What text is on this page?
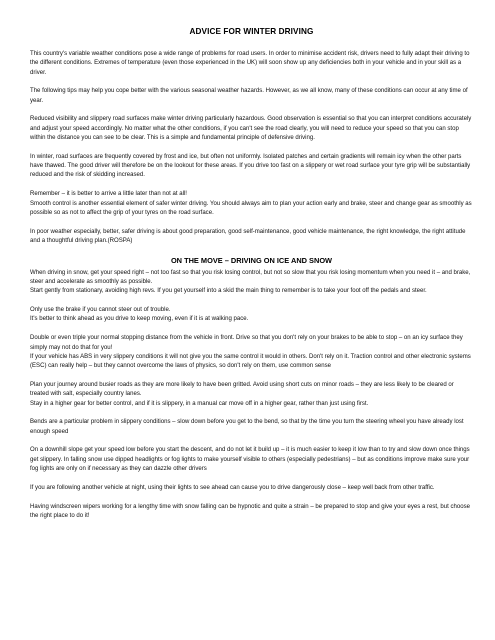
ADVICE FOR WINTER DRIVING

This country's variable weather conditions pose a wide range of problems for road users. In order to minimise accident risk, drivers need to fully adapt their driving to the different conditions. Extremes of temperature (even those experienced in the UK) will soon show up any deficiencies both in your vehicle and in your skill as a driver.

The following tips may help you cope better with the various seasonal weather hazards. However, as we all know, many of these conditions can occur at any time of year.

Reduced visibility and slippery road surfaces make winter driving particularly hazardous. Good observation is essential so that you can interpret conditions accurately and adjust your speed accordingly. No matter what the other conditions, if you can't see the road clearly, you will need to reduce your speed so that you can stop within the distance you can see to be clear. This is a simple and fundamental principle of defensive driving.

In winter, road surfaces are frequently covered by frost and ice, but often not uniformly. Isolated patches and certain gradients will remain icy when the other parts have thawed. The good driver will therefore be on the lookout for these areas. If you drive too fast on a slippery or wet road surface your tyre grip will be substantially reduced and the risk of skidding increased.

Remember – it is better to arrive a little later than not at all!

Smooth control is another essential element of safer winter driving. You should always aim to plan your action early and brake, steer and change gear as smoothly as possible so as not to affect the grip of your tyres on the road surface.

In poor weather especially, better, safer driving is about good preparation, good self-maintenance, good vehicle maintenance, the right knowledge, the right attitude and a thoughtful driving plan.(ROSPA)

ON THE MOVE – DRIVING ON ICE AND SNOW

When driving in snow, get your speed right – not too fast so that you risk losing control, but not so slow that you risk losing momentum when you need it – and brake, steer and accelerate as smoothly as possible.

Start gently from stationary, avoiding high revs. If you get yourself into a skid the main thing to remember is to take your foot off the pedals and steer.

Only use the brake if you cannot steer out of trouble.

It's better to think ahead as you drive to keep moving, even if it is at walking pace.

Double or even triple your normal stopping distance from the vehicle in front. Drive so that you don't rely on your brakes to be able to stop – on an icy surface they simply may not do that for you!

If your vehicle has ABS in very slippery conditions it will not give you the same control it would in others. Don't rely on it. Traction control and other electronic systems (ESC) can really help – but they cannot overcome the laws of physics, so don't rely on them, use common sense

Plan your journey around busier roads as they are more likely to have been gritted. Avoid using short cuts on minor roads – they are less likely to be cleared or treated with salt, especially country lanes.

Stay in a higher gear for better control, and if it is slippery, in a manual car move off in a higher gear, rather than just using first.

Bends are a particular problem in slippery conditions – slow down before you get to the bend, so that by the time you turn the steering wheel you have already lost enough speed

On a downhill slope get your speed low before you start the descent, and do not let it build up – it is much easier to keep it low than to try and slow down once things get slippery. In falling snow use dipped headlights or fog lights to make yourself visible to others (especially pedestrians) – but as conditions improve make sure your fog lights are only on if necessary as they can dazzle other drivers

If you are following another vehicle at night, using their lights to see ahead can cause you to drive dangerously close – keep well back from other traffic.

Having windscreen wipers working for a lengthy time with snow falling can be hypnotic and quite a strain – be prepared to stop and give your eyes a rest, but choose the right place to do it!
